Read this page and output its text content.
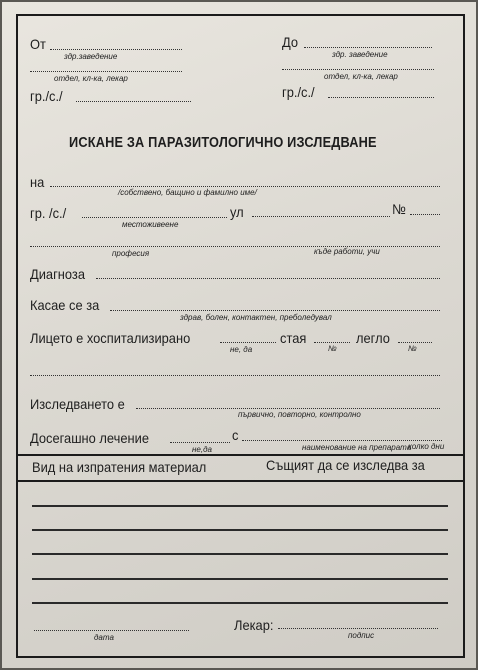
От
здр.заведение
отдел, кл-ка, лекар
гр./с./
До
здр. заведение
отдел, кл-ка, лекар
гр./с./
ИСКАНЕ ЗА ПАРАЗИТОЛОГИЧНО ИЗСЛЕДВАНЕ
на
/собствено, бащино и фамилно име/
гр. /с./
местоживеене
ул	№
професия	къде работи, учи
Диагноза
Касае се за
здрав, болен, контактен, преболедувал
Лицето е хоспитализирано
не, да
стая
№
легло
№
Изследването е
първично, повторно, контролно
Досегашно лечение
не,да
с
наименование на препарата
колко дни
Вид на изпратения материал	Същият да се изследва за
дата
Лекар:
подпис
